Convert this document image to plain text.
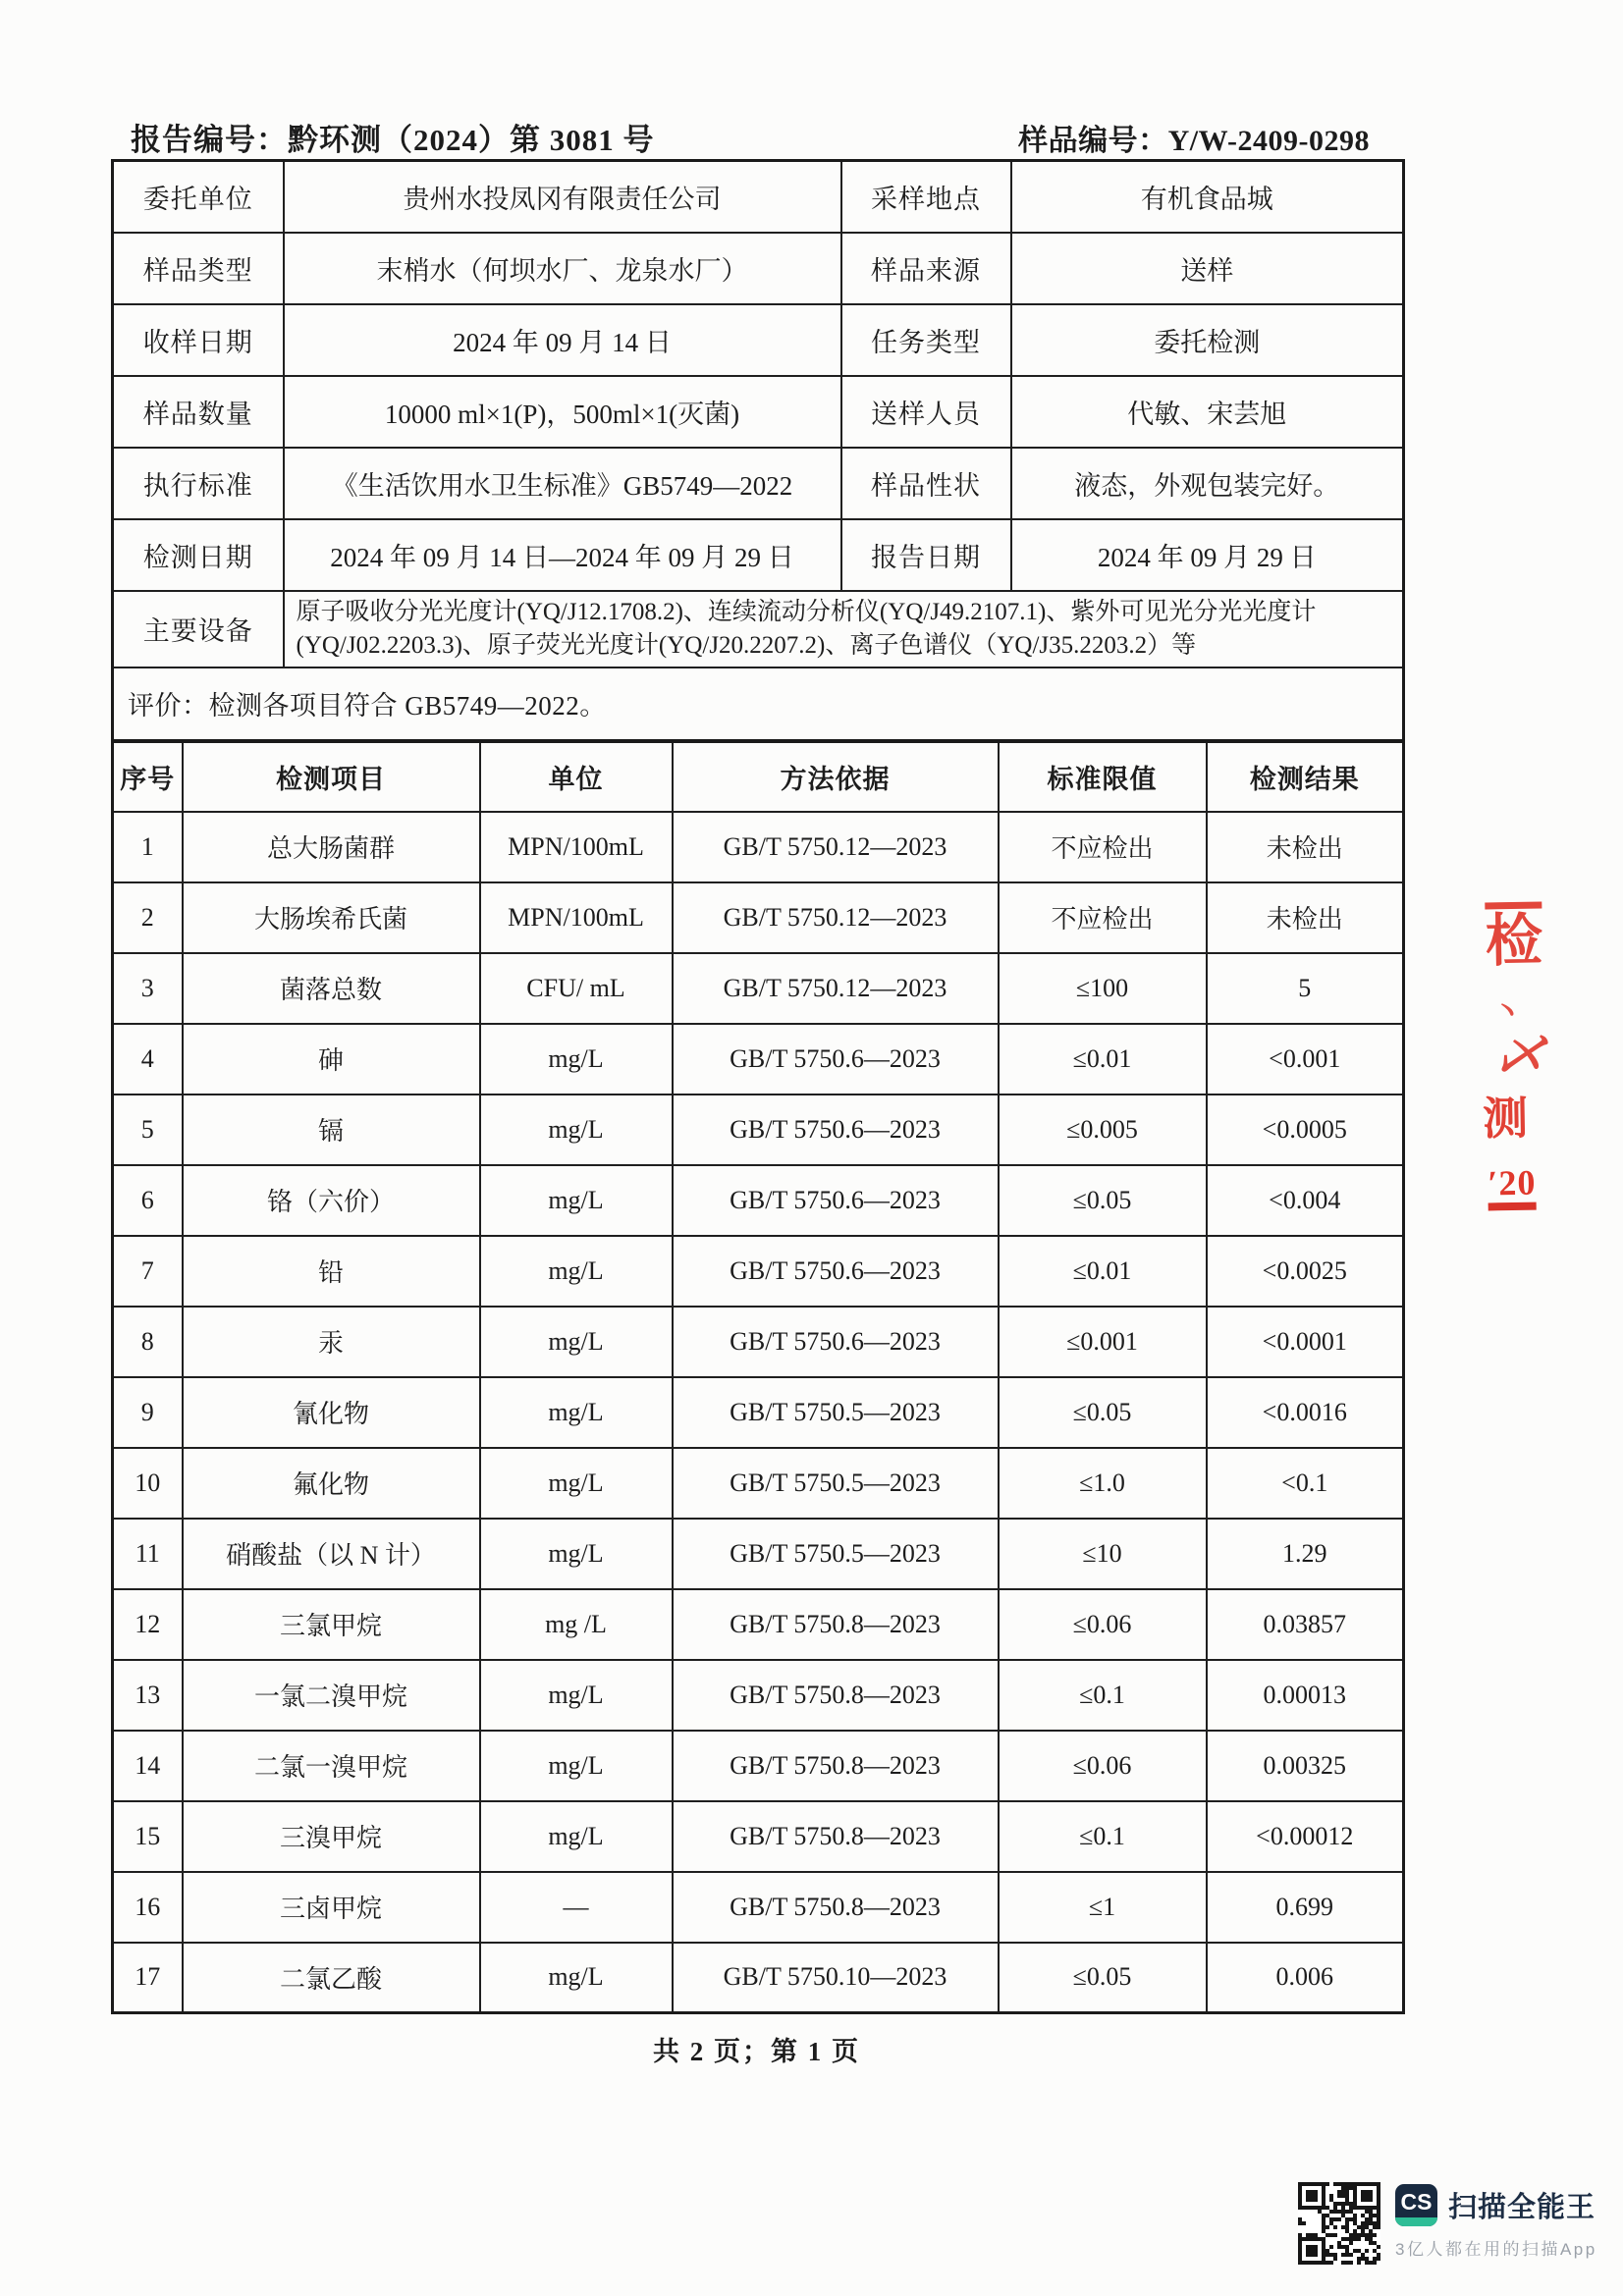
报告编号：黔环测（2024）第 3081 号	样品编号：Y/W-2409-0298
委托单位	贵州水投凤冈有限责任公司	采样地点	有机食品城
样品类型	末梢水（何坝水厂、龙泉水厂）	样品来源	送样
收样日期	2024 年 09 月 14 日	任务类型	委托检测
样品数量	10000 ml×1(P)，500ml×1(灭菌)	送样人员	代敏、宋芸旭
执行标准	《生活饮用水卫生标准》GB5749—2022	样品性状	液态，外观包装完好。
检测日期	2024 年 09 月 14 日—2024 年 09 月 29 日	报告日期	2024 年 09 月 29 日
主要设备	原子吸收分光光度计(YQ/J12.1708.2)、连续流动分析仪(YQ/J49.2107.1)、紫外可见光分光光度计(YQ/J02.2203.3)、原子荧光光度计(YQ/J20.2207.2)、离子色谱仪（YQ/J35.2203.2）等		
评价：检测各项目符合 GB5749—2022。			
序号	检测项目	单位	方法依据	标准限值	检测结果
1	总大肠菌群	MPN/100mL	GB/T 5750.12—2023	不应检出	未检出
2	大肠埃希氏菌	MPN/100mL	GB/T 5750.12—2023	不应检出	未检出
3	菌落总数	CFU/ mL	GB/T 5750.12—2023	≤100	5
4	砷	mg/L	GB/T 5750.6—2023	≤0.01	<0.001
5	镉	mg/L	GB/T 5750.6—2023	≤0.005	<0.0005
6	铬（六价）	mg/L	GB/T 5750.6—2023	≤0.05	<0.004
7	铅	mg/L	GB/T 5750.6—2023	≤0.01	<0.0025
8	汞	mg/L	GB/T 5750.6—2023	≤0.001	<0.0001
9	氰化物	mg/L	GB/T 5750.5—2023	≤0.05	<0.0016
10	氟化物	mg/L	GB/T 5750.5—2023	≤1.0	<0.1
11	硝酸盐（以 N 计）	mg/L	GB/T 5750.5—2023	≤10	1.29
12	三氯甲烷	mg /L	GB/T 5750.8—2023	≤0.06	0.03857
13	一氯二溴甲烷	mg/L	GB/T 5750.8—2023	≤0.1	0.00013
14	二氯一溴甲烷	mg/L	GB/T 5750.8—2023	≤0.06	0.00325
15	三溴甲烷	mg/L	GB/T 5750.8—2023	≤0.1	<0.00012
16	三卤甲烷	—	GB/T 5750.8—2023	≤1	0.699
17	二氯乙酸	mg/L	GB/T 5750.10—2023	≤0.05	0.006
共 2 页；第 1 页
检
丶
乄
测
′20
CS 扫描全能王
3亿人都在用的扫描App
